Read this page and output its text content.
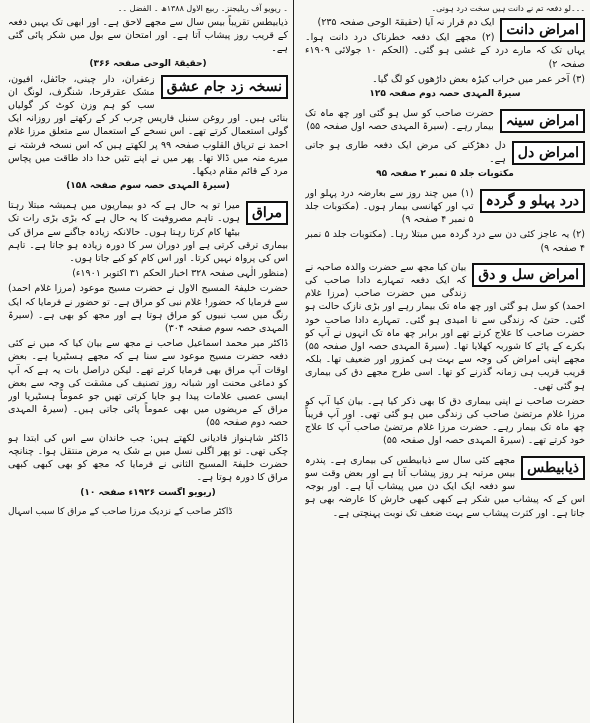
۔۔۔لو دفعہ تم نے دانت ہیں سخت درد ہونی۔
امراض دانت

ایک دم قرار نہ آیا (حقیقۃ الوحی صفحہ ۲۳۵)

(۲) مجھے ایک دفعہ خطرناک درد دانت ہوا۔ یہاں تک کہ مارے درد کے غشی ہو گئی۔ (الحکم ۱۰ جولائی ۱۹۰۹ء صفحہ ۲)

(۳) آخر عمر میں خراب کیڑہ بعض داڑھوں کو لگ گیا۔

سیرۃ المہدی حصہ دوم صفحہ ۱۲۵
امراض سینہ

حضرت صاحب کو سل ہو گئی اور چھ ماہ تک بیمار رہے۔ (سیرۃ المہدی حصہ اول صفحہ ۵۵)

امراض دل

دل دھڑکنے کی مرض ایک دفعہ طاری ہو جاتی ہے۔

مکتوبات جلد ۵ نمبر ۲ صفحہ ۹۵
درد پہلو و گردہ

(۱) میں چند روز سے بعارضہ درد پہلو اور تپ اور کھانسی بیمار ہوں۔ (مکتوبات جلد ۵ نمبر ۴ صفحہ ۹)

(۲) یہ عاجز کئی دن سے درد گردہ میں مبتلا رہا۔ (مکتوبات جلد ۵ نمبر ۴ صفحہ ۹)

امراض سل و دق

بیان کیا مجھ سے حضرت والدہ صاحبہ نے کہ ایک دفعہ تمہارے دادا صاحب کی زندگی میں حضرت صاحب (مرزا غلام احمد) کو سل ہو گئی اور چھ ماہ تک بیمار رہے اور بڑی نازک حالت ہو گئی۔ حتیٰ کہ زندگی سے نا امیدی ہو گئی۔ تمہارے دادا صاحب خود حضرت صاحب کا علاج کرتے تھے اور برابر چھ ماہ تک انہوں نے آپ کو بکرے کے پائے کا شوربہ کھلایا تھا۔ (سیرۃ المہدی حصہ اول صفحہ ۵۵) مجھے اپنی امراض کی وجہ سے بہت ہی کمزور اور ضعیف تھا۔ بلکہ قریب قریب ہی زمانہ گذرنے کو تھا۔ اسی طرح مجھے دق کی بیماری ہو گئی تھی۔

حضرت صاحب نے اپنی بیماری دق کا بھی ذکر کیا ہے۔ بیان کیا آپ کو مرزا غلام مرتضیٰ صاحب کی زندگی میں ہو گئی تھی۔ اور آپ قریباً چھ ماہ تک بیمار رہے۔ حضرت مرزا غلام مرتضیٰ صاحب آپ کا علاج خود کرتے تھے۔ (سیرۃ المہدی حصہ اول صفحہ ۵۵)

ذیابیطس

مجھے کئی سال سے ذیابیطس کی بیماری ہے۔ پندرہ بیس مرتبہ ہر روز پیشاب آتا ہے اور بعض وقت سو سو دفعہ ایک ایک دن میں پیشاب آیا ہے۔ اور بوجہ اس کے کہ پیشاب میں شکر ہے کبھی کبھی خارش کا عارضہ بھی ہو جاتا ہے۔ اور کثرت پیشاب سے بہت ضعف تک نوبت پہنچتی ہے۔

۔ ریویو آف ریلیجنز۔ ربیع الاول ۱۳۸۸ھ ۔ الفضل ۔۔

ذیابیطس تقریباً بیس سال سے مجھے لاحق ہے۔ اور ابھی تک یہیں دفعہ کے قریب روز پیشاب آتا ہے۔ اور امتحان سے بول میں شکر پائی گئی ہے۔

(حقیقۃ الوحی صفحہ ۳۶۶)
نسخہ زد جام عشق

زعفران، دار چینی، جائفل، افیون، مشک عقرقرحا، شنگرف، لونگ ان سب کو ہم وزن کوٹ کر گولیاں بنائی ہیں۔ اور روغن سنبل فاریس چرب کر کے رکھتے اور روزانہ ایک گولی استعمال کرتے تھے۔ اس نسخے کے استعمال سے متعلق مرزا غلام احمد نے تریاق القلوب صفحہ ۹۹ پر لکھتے ہیں کہ اس نسخہ فرشتہ نے میرے منہ میں ڈالا تھا۔ پھر میں نے اپنے تئیں خدا داد طاقت میں پچاس مرد کے قائم مقام دیکھا۔

(سیرۃ المہدی حصہ سوم صفحہ ۱۵۸)
مراق

میرا تو یہ حال ہے کہ دو بیماریوں میں ہمیشہ مبتلا رہتا ہوں۔ تاہم مصروفیت کا یہ حال ہے کہ بڑی بڑی رات تک بیٹھا کام کرتا رہتا ہوں۔ حالانکہ زیادہ جاگنے سے مراق کی بیماری ترقی کرتی ہے اور دوران سر کا دورہ زیادہ ہو جاتا ہے۔ تاہم اس کی پرواہ نہیں کرتا۔ اور اس کام کو کیے جاتا ہوں۔

(منظور الٰہی صفحہ ۳۲۸ اخبار الحکم ۳۱ اکتوبر ۱۹۰۱ء)

حضرت خلیفۃ المسیح الاول نے حضرت مسیح موعود (مرزا غلام احمد) سے فرمایا کہ حضور! غلام نبی کو مراق ہے۔ تو حضور نے فرمایا کہ ایک رنگ میں سب نبیوں کو مراق ہوتا ہے اور مجھ کو بھی ہے۔ (سیرۃ المہدی حصہ سوم صفحہ ۳۰۴)

ڈاکٹر میر محمد اسماعیل صاحب نے مجھ سے بیان کیا کہ میں نے کئی دفعہ حضرت مسیح موعود سے سنا ہے کہ مجھے ہسٹیریا ہے۔ بعض اوقات آپ مراق بھی فرمایا کرتے تھے۔ لیکن دراصل بات یہ ہے کہ آپ کو دماغی محنت اور شبانہ روز تصنیف کی مشقت کی وجہ سے بعض ایسی عصبی علامات پیدا ہو جایا کرتی تھیں جو عموماً ہسٹیریا اور مراق کے مریضوں میں بھی عموماً پائی جاتی ہیں۔ (سیرۃ المہدی حصہ دوم صفحہ ۵۵)

ڈاکٹر شاہنواز قادیانی لکھتے ہیں: جب خاندان سے اس کی ابتدا ہو چکی تھی۔ تو پھر اگلی نسل میں بے شک یہ مرض منتقل ہوا۔ چنانچہ حضرت خلیفۃ المسیح الثانی نے فرمایا کہ مجھ کو بھی کبھی کبھی مراق کا دورہ ہوتا ہے۔

(ریویو اگست ۱۹۲۶ء صفحہ ۱۰)
ڈاکٹر صاحب کے نزدیک مرزا صاحب کے مراق کا سبب اسہال
